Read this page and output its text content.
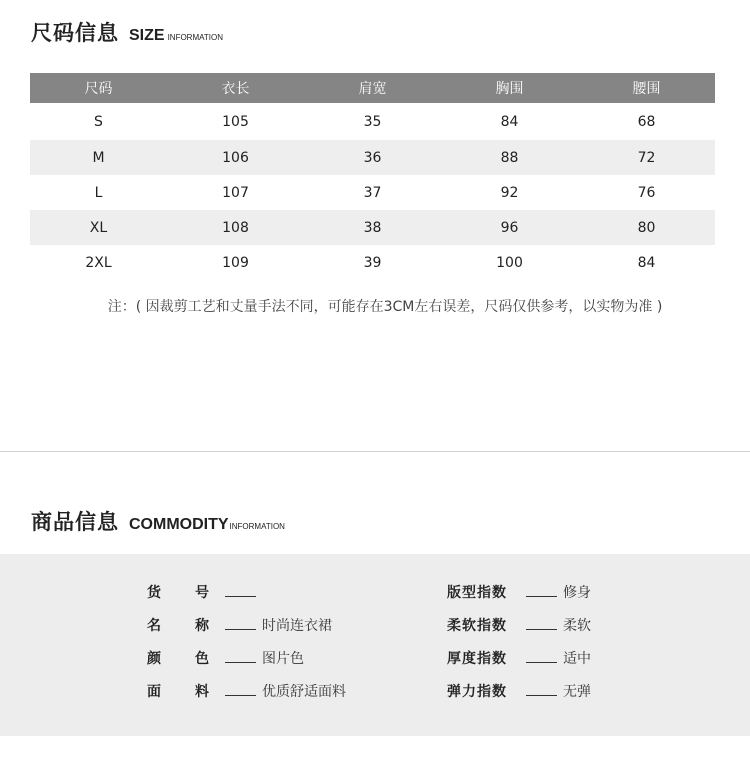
尺码信息 SIZE INFORMATION
尺码	衣长	肩宽	胸围	腰围
S	105	35	84	68
M	106	36	88	72
L	107	37	92	76
XL	108	38	96	80
2XL	109	39	100	84
注：( 因裁剪工艺和丈量手法不同，可能存在3CM左右误差，尺码仅供参考，以实物为准 )
商品信息 COMMODITY INFORMATION
货 号
名 称	时尚连衣裙
颜 色	图片色
面 料	优质舒适面料
版型指数	修身
柔软指数	柔软
厚度指数	适中
弹力指数	无弹
